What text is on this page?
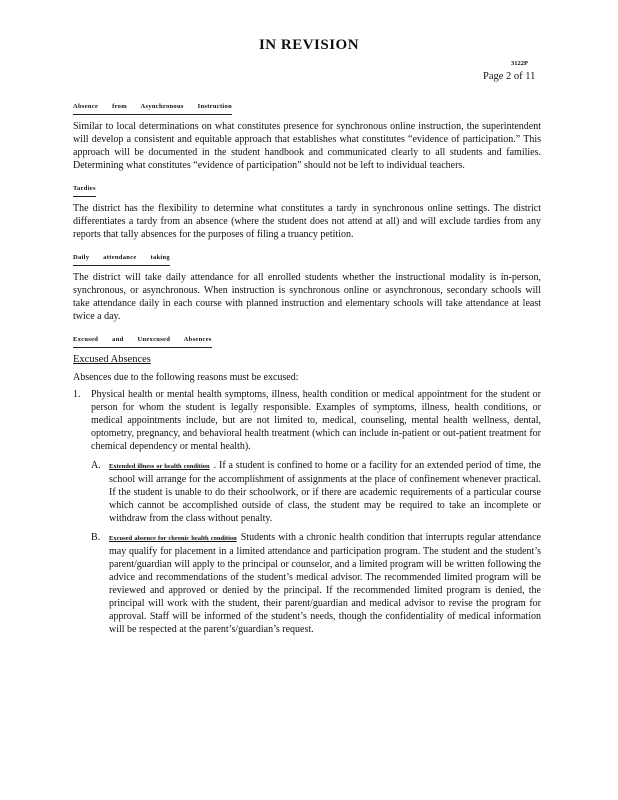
IN REVISION
3122P
Page 2 of 11
Absence from Asynchronous Instruction

Similar to local determinations on what constitutes presence for synchronous online instruction, the superintendent will develop a consistent and equitable approach that establishes what constitutes “evidence of participation.” This approach will be documented in the student handbook and communicated clearly to all students and families. Determining what constitutes “evidence of participation” should not be left to individual teachers.

Tardies

The district has the flexibility to determine what constitutes a tardy in synchronous online settings. The district differentiates a tardy from an absence (where the student does not attend at all) and will exclude tardies from any reports that tally absences for the purposes of filing a truancy petition.

Daily attendance taking

The district will take daily attendance for all enrolled students whether the instructional modality is in-person, synchronous, or asynchronous. When instruction is synchronous online or asynchronous, secondary schools will take attendance daily in each course with planned instruction and elementary schools will take attendance at least twice a day.

Excused and Unexcused Absences
Excused Absences
Absences due to the following reasons must be excused:
1. Physical health or mental health symptoms, illness, health condition or medical appointment for the student or person for whom the student is legally responsible. Examples of symptoms, illness, health conditions, or medical appointments include, but are not limited to, medical, counseling, mental health wellness, dental, optometry, pregnancy, and behavioral health treatment (which can include in-patient or out-patient treatment for chemical dependency or mental health).
A. Extended illness or health condition . If a student is confined to home or a facility for an extended period of time, the school will arrange for the accomplishment of assignments at the place of confinement whenever practical. If the student is unable to do their schoolwork, or if there are academic requirements of a particular course which cannot be accomplished outside of class, the student may be required to take an incomplete or withdraw from the class without penalty.
B. Excused absence for chronic health condition Students with a chronic health condition that interrupts regular attendance may qualify for placement in a limited attendance and participation program. The student and the student’s parent/guardian will apply to the principal or counselor, and a limited program will be written following the advice and recommendations of the student’s medical advisor. The recommended limited program will be reviewed and approved or denied by the principal. If the recommended limited program is denied, the principal will work with the student, their parent/guardian and medical advisor to revise the program for approval. Staff will be informed of the student’s needs, though the confidentiality of medical information will be respected at the parent’s/guardian’s request.
